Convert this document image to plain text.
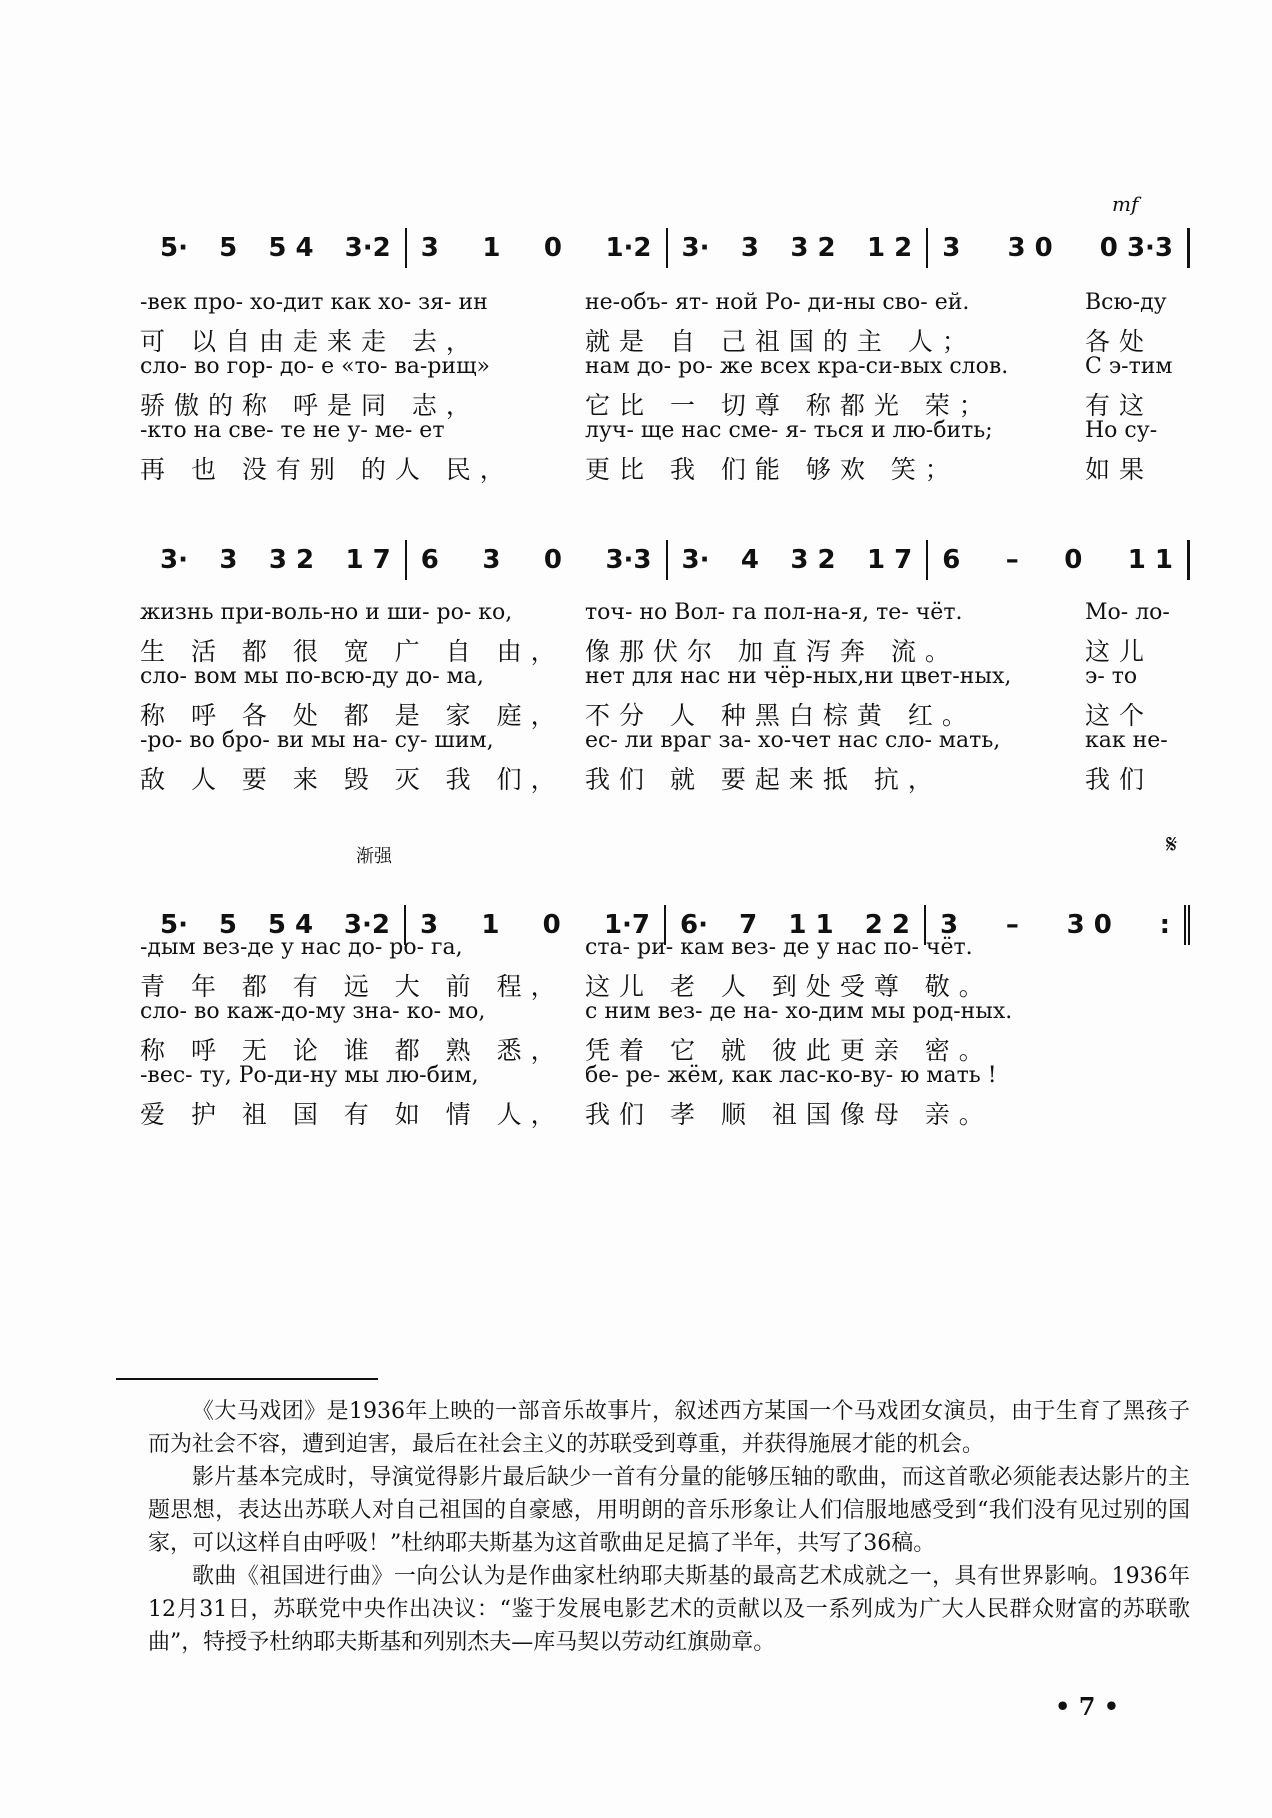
mf
渐强	𝄋
5· 5 5 4 3·2 3 1 0 1·2 3· 3 3 2 1 2 3 3 0 0 3·3
-век про- хо-дит как хо- зя- ин	не-объ- ят- ной Ро- ди-ны сво- ей.	Всю-ду
可 以自由走来走 去，	就是 自 己祖国的主 人；	各处
сло- во гор- до- е «то- ва-рищ»	нам до- ро- же всех кра-си-вых слов.	С э-тим
骄傲的称 呼是同 志，	它比 一 切尊 称都光 荣；	有这
-кто на све- те не у- ме- ет	луч- ще нас сме- я- ться и лю-бить;	Но су-
再 也 没有别 的人 民，	更比 我 们能 够欢 笑；	如果
3· 3 3 2 1 7 6 3 0 3·3 3· 4 3 2 1 7 6 – 0 1 1
жизнь при-воль-но и ши- ро- ко,	точ- но Вол- га пол-на-я, те- чёт.	Мо- ло-
生 活 都 很 宽 广 自 由， 像那伏尔 加直泻奔 流。	这儿
сло- вом мы по-всю-ду до- ма,	нет для нас ни чёр-ных,ни цвет-ных,	э- то
称 呼 各 处 都 是 家 庭， 不分 人 种黑白棕黄 红。	这个
-ро- во бро- ви мы на- су- шим,	ес- ли враг за- хо-чет нас сло- мать,	как не-
敌 人 要 来 毁 灭 我 们， 我们 就 要起来抵 抗，	我们
5· 5 5 4 3·2 3 1 0 1·7 6· 7 1 1 2 2 3 – 3 0 :
-дым вез-де у нас до- ро- га,	ста- ри- кам вез- де у нас по- чёт.
青 年 都 有 远 大 前 程， 这儿 老 人 到处受尊 敬。
сло- во каж-до-му зна- ко- мо,	с ним вез- де на- хо-дим мы род-ных.
称 呼 无 论 谁 都 熟 悉， 凭着 它 就 彼此更亲 密。
-вес- ту, Ро-ди-ну мы лю-бим,	бе- ре- жём, как лас-ко-ву- ю мать !
爱 护 祖 国 有 如 情 人， 我们 孝 顺 祖国像母 亲。

《大马戏团》是1936年上映的一部音乐故事片，叙述西方某国一个马戏团女演员，由于生育了黑孩子而为社会不容，遭到迫害，最后在社会主义的苏联受到尊重，并获得施展才能的机会。

影片基本完成时，导演觉得影片最后缺少一首有分量的能够压轴的歌曲，而这首歌必须能表达影片的主题思想，表达出苏联人对自己祖国的自豪感，用明朗的音乐形象让人们信服地感受到“我们没有见过别的国家，可以这样自由呼吸！”杜纳耶夫斯基为这首歌曲足足搞了半年，共写了36稿。

歌曲《祖国进行曲》一向公认为是作曲家杜纳耶夫斯基的最高艺术成就之一，具有世界影响。1936年12月31日，苏联党中央作出决议：“鉴于发展电影艺术的贡献以及一系列成为广大人民群众财富的苏联歌曲”，特授予杜纳耶夫斯基和列别杰夫—库马契以劳动红旗勋章。

• 7 •
